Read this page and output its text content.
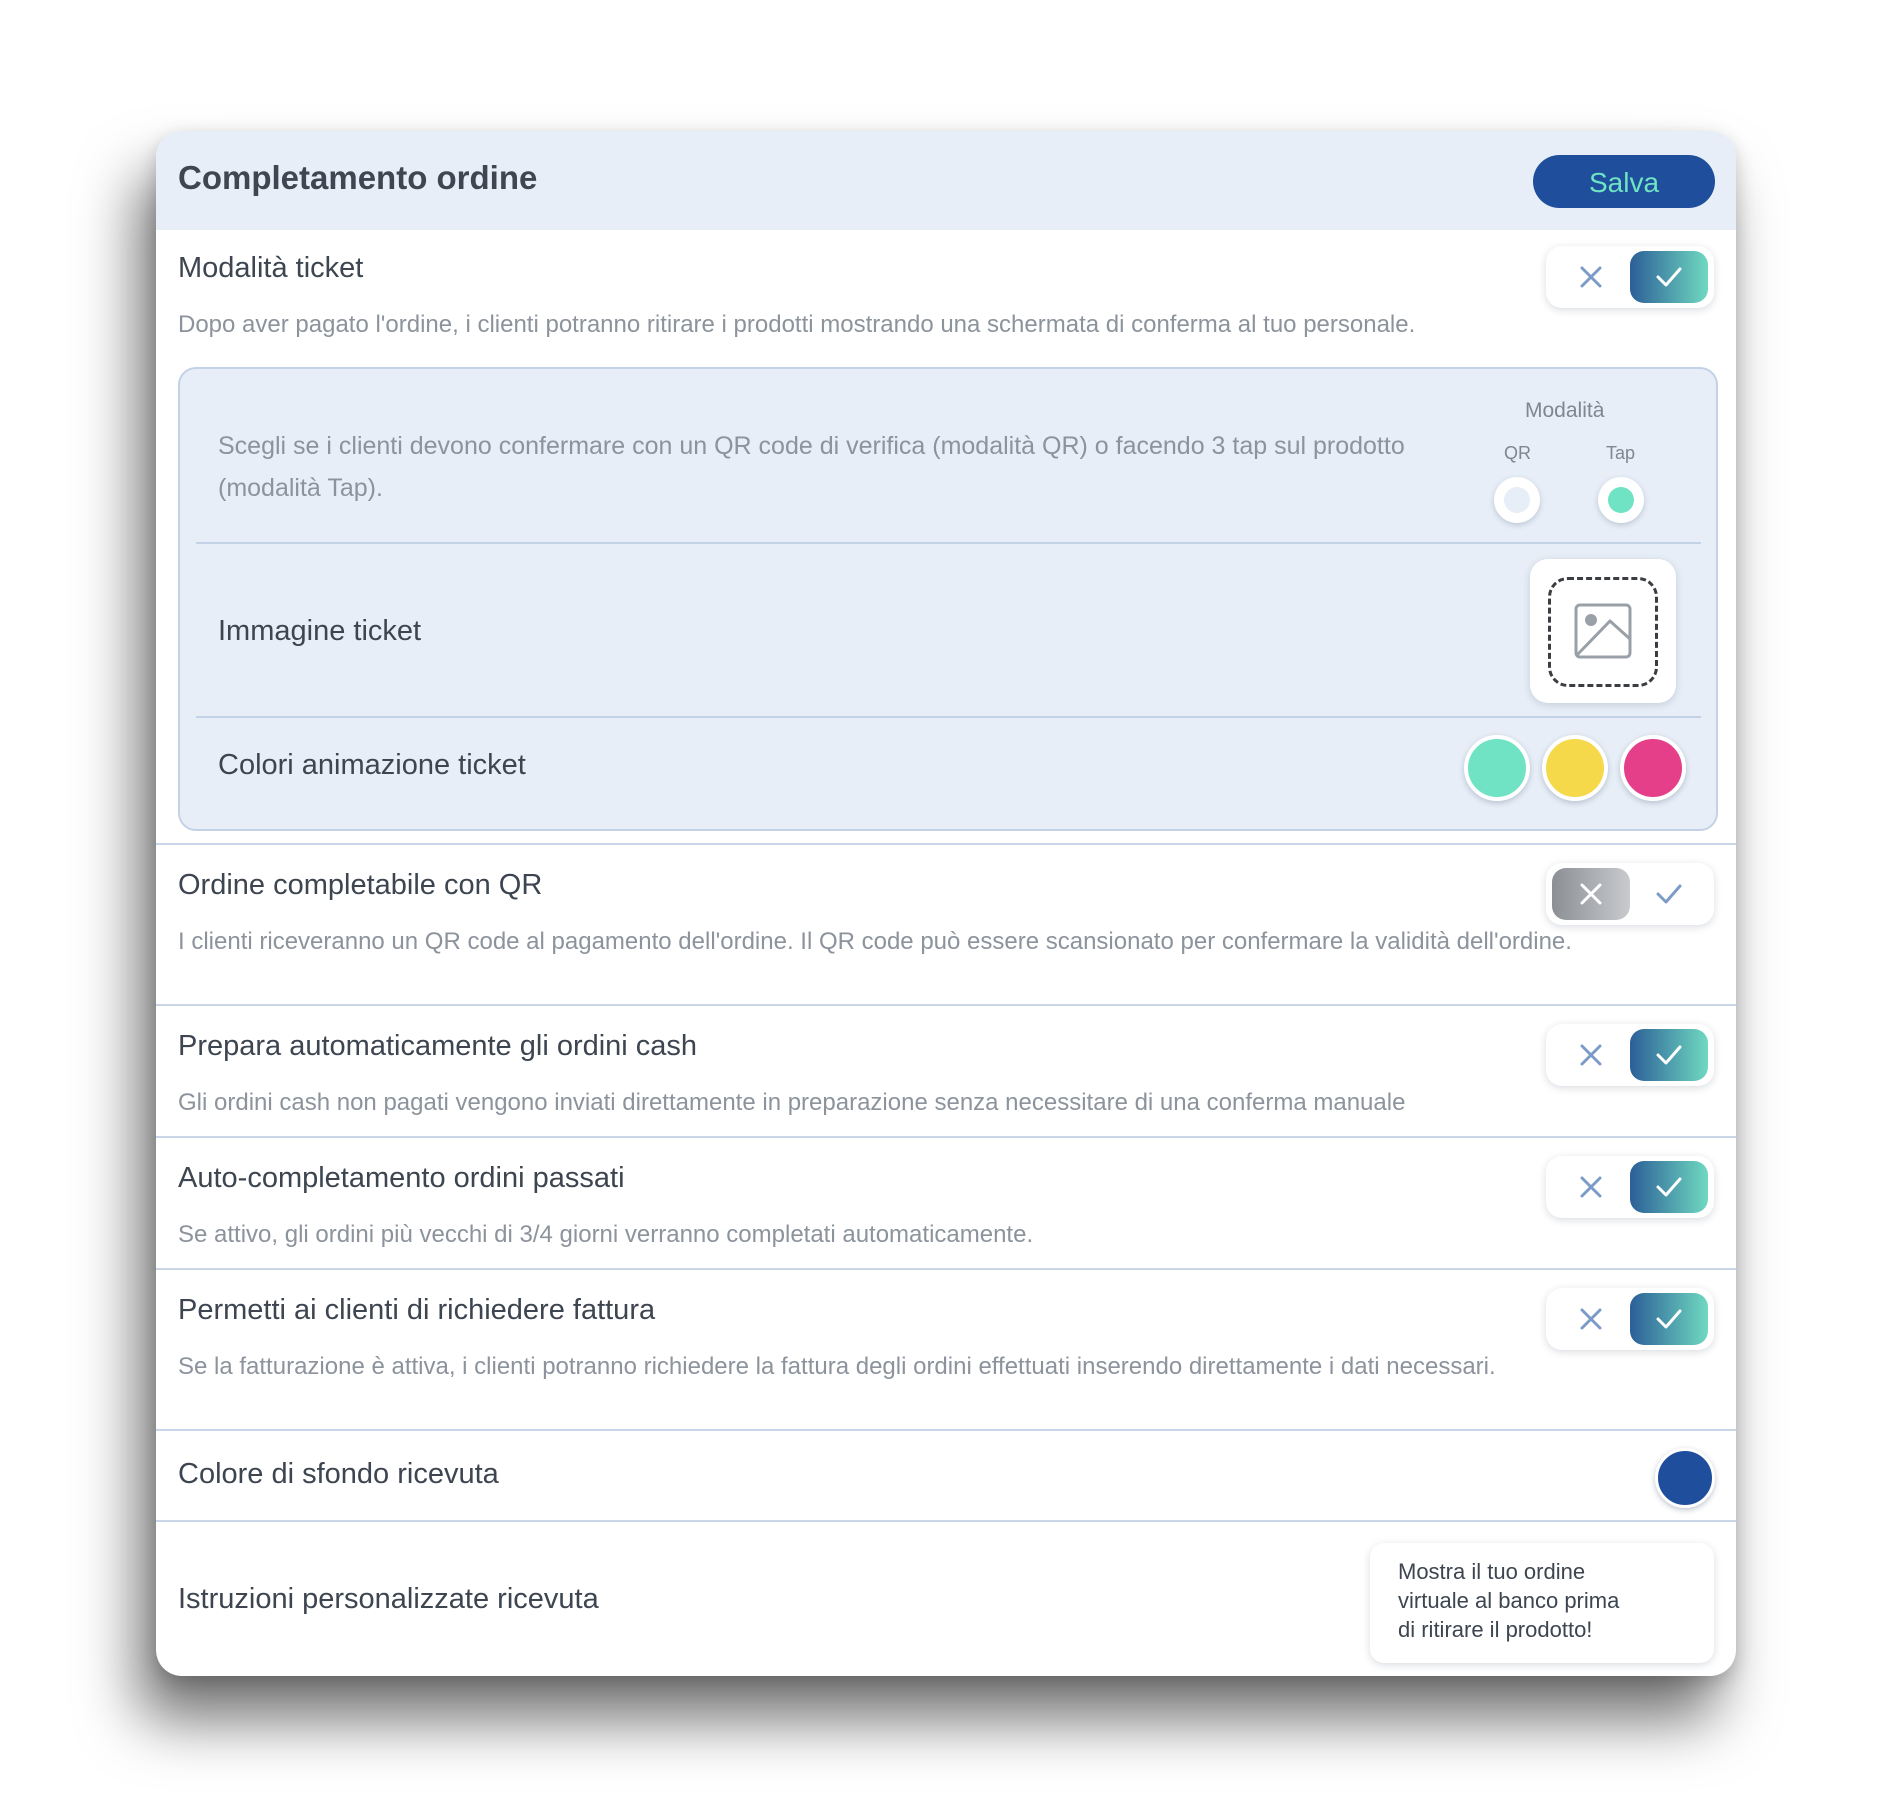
Completamento ordine	Salva
Modalità ticket
Dopo aver pagato l'ordine, i clienti potranno ritirare i prodotti mostrando una schermata di conferma al tuo personale.
Scegli se i clienti devono confermare con un QR code di verifica (modalità QR) o facendo 3 tap sul prodotto (modalità Tap).
Modalità
QR	Tap
Immagine ticket
Colori animazione ticket
Ordine completabile con QR
I clienti riceveranno un QR code al pagamento dell'ordine. Il QR code può essere scansionato per confermare la validità dell'ordine.
Prepara automaticamente gli ordini cash
Gli ordini cash non pagati vengono inviati direttamente in preparazione senza necessitare di una conferma manuale
Auto-completamento ordini passati
Se attivo, gli ordini più vecchi di 3/4 giorni verranno completati automaticamente.
Permetti ai clienti di richiedere fattura
Se la fatturazione è attiva, i clienti potranno richiedere la fattura degli ordini effettuati inserendo direttamente i dati necessari.
Colore di sfondo ricevuta
Istruzioni personalizzate ricevuta
Mostra il tuo ordine
virtuale al banco prima
di ritirare il prodotto!
